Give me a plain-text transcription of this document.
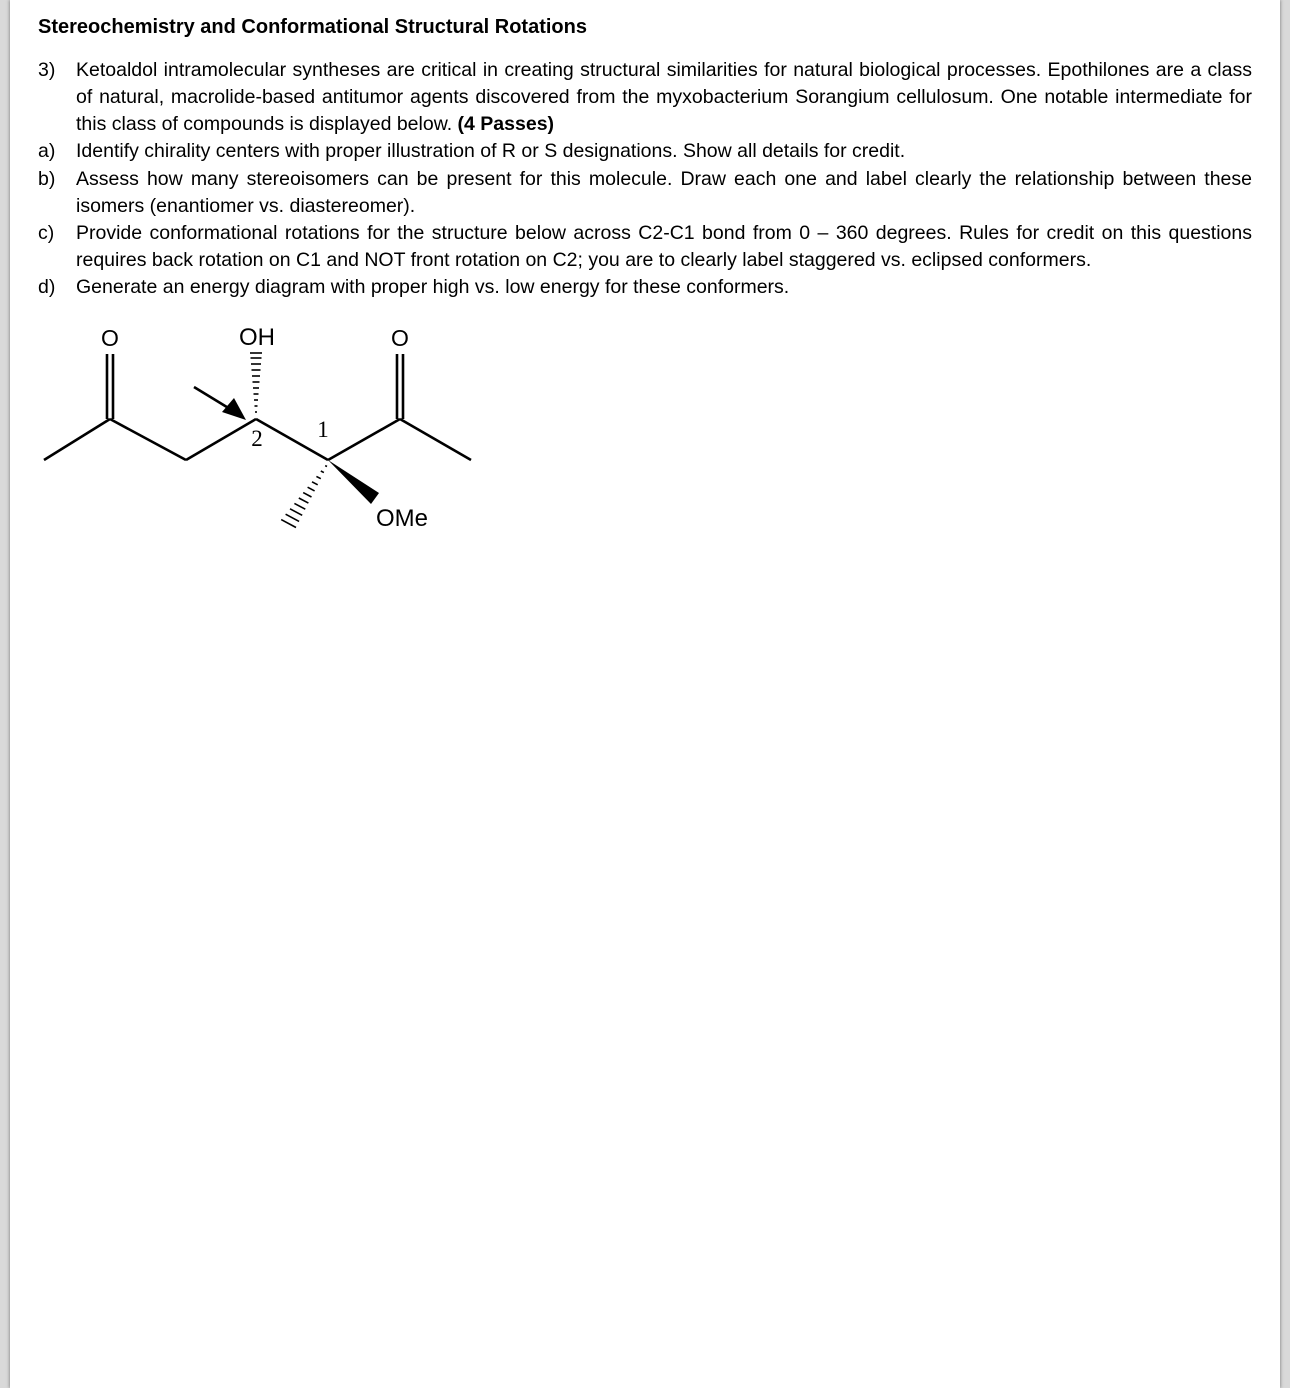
Stereochemistry and Conformational Structural Rotations
3)	Ketoaldol intramolecular syntheses are critical in creating structural similarities for natural biological processes. Epothilones are a class of natural, macrolide-based antitumor agents discovered from the myxobacterium Sorangium cellulosum. One notable intermediate for this class of compounds is displayed below. (4 Passes)
a)	Identify chirality centers with proper illustration of R or S designations. Show all details for credit.
b)	Assess how many stereoisomers can be present for this molecule. Draw each one and label clearly the relationship between these isomers (enantiomer vs. diastereomer).
c)	Provide conformational rotations for the structure below across C2-C1 bond from 0 – 360 degrees. Rules for credit on this questions requires back rotation on C1 and NOT front rotation on C2; you are to clearly label staggered vs. eclipsed conformers.
d)	Generate an energy diagram with proper high vs. low energy for these conformers.
O	OH	O
2 1
OMe
